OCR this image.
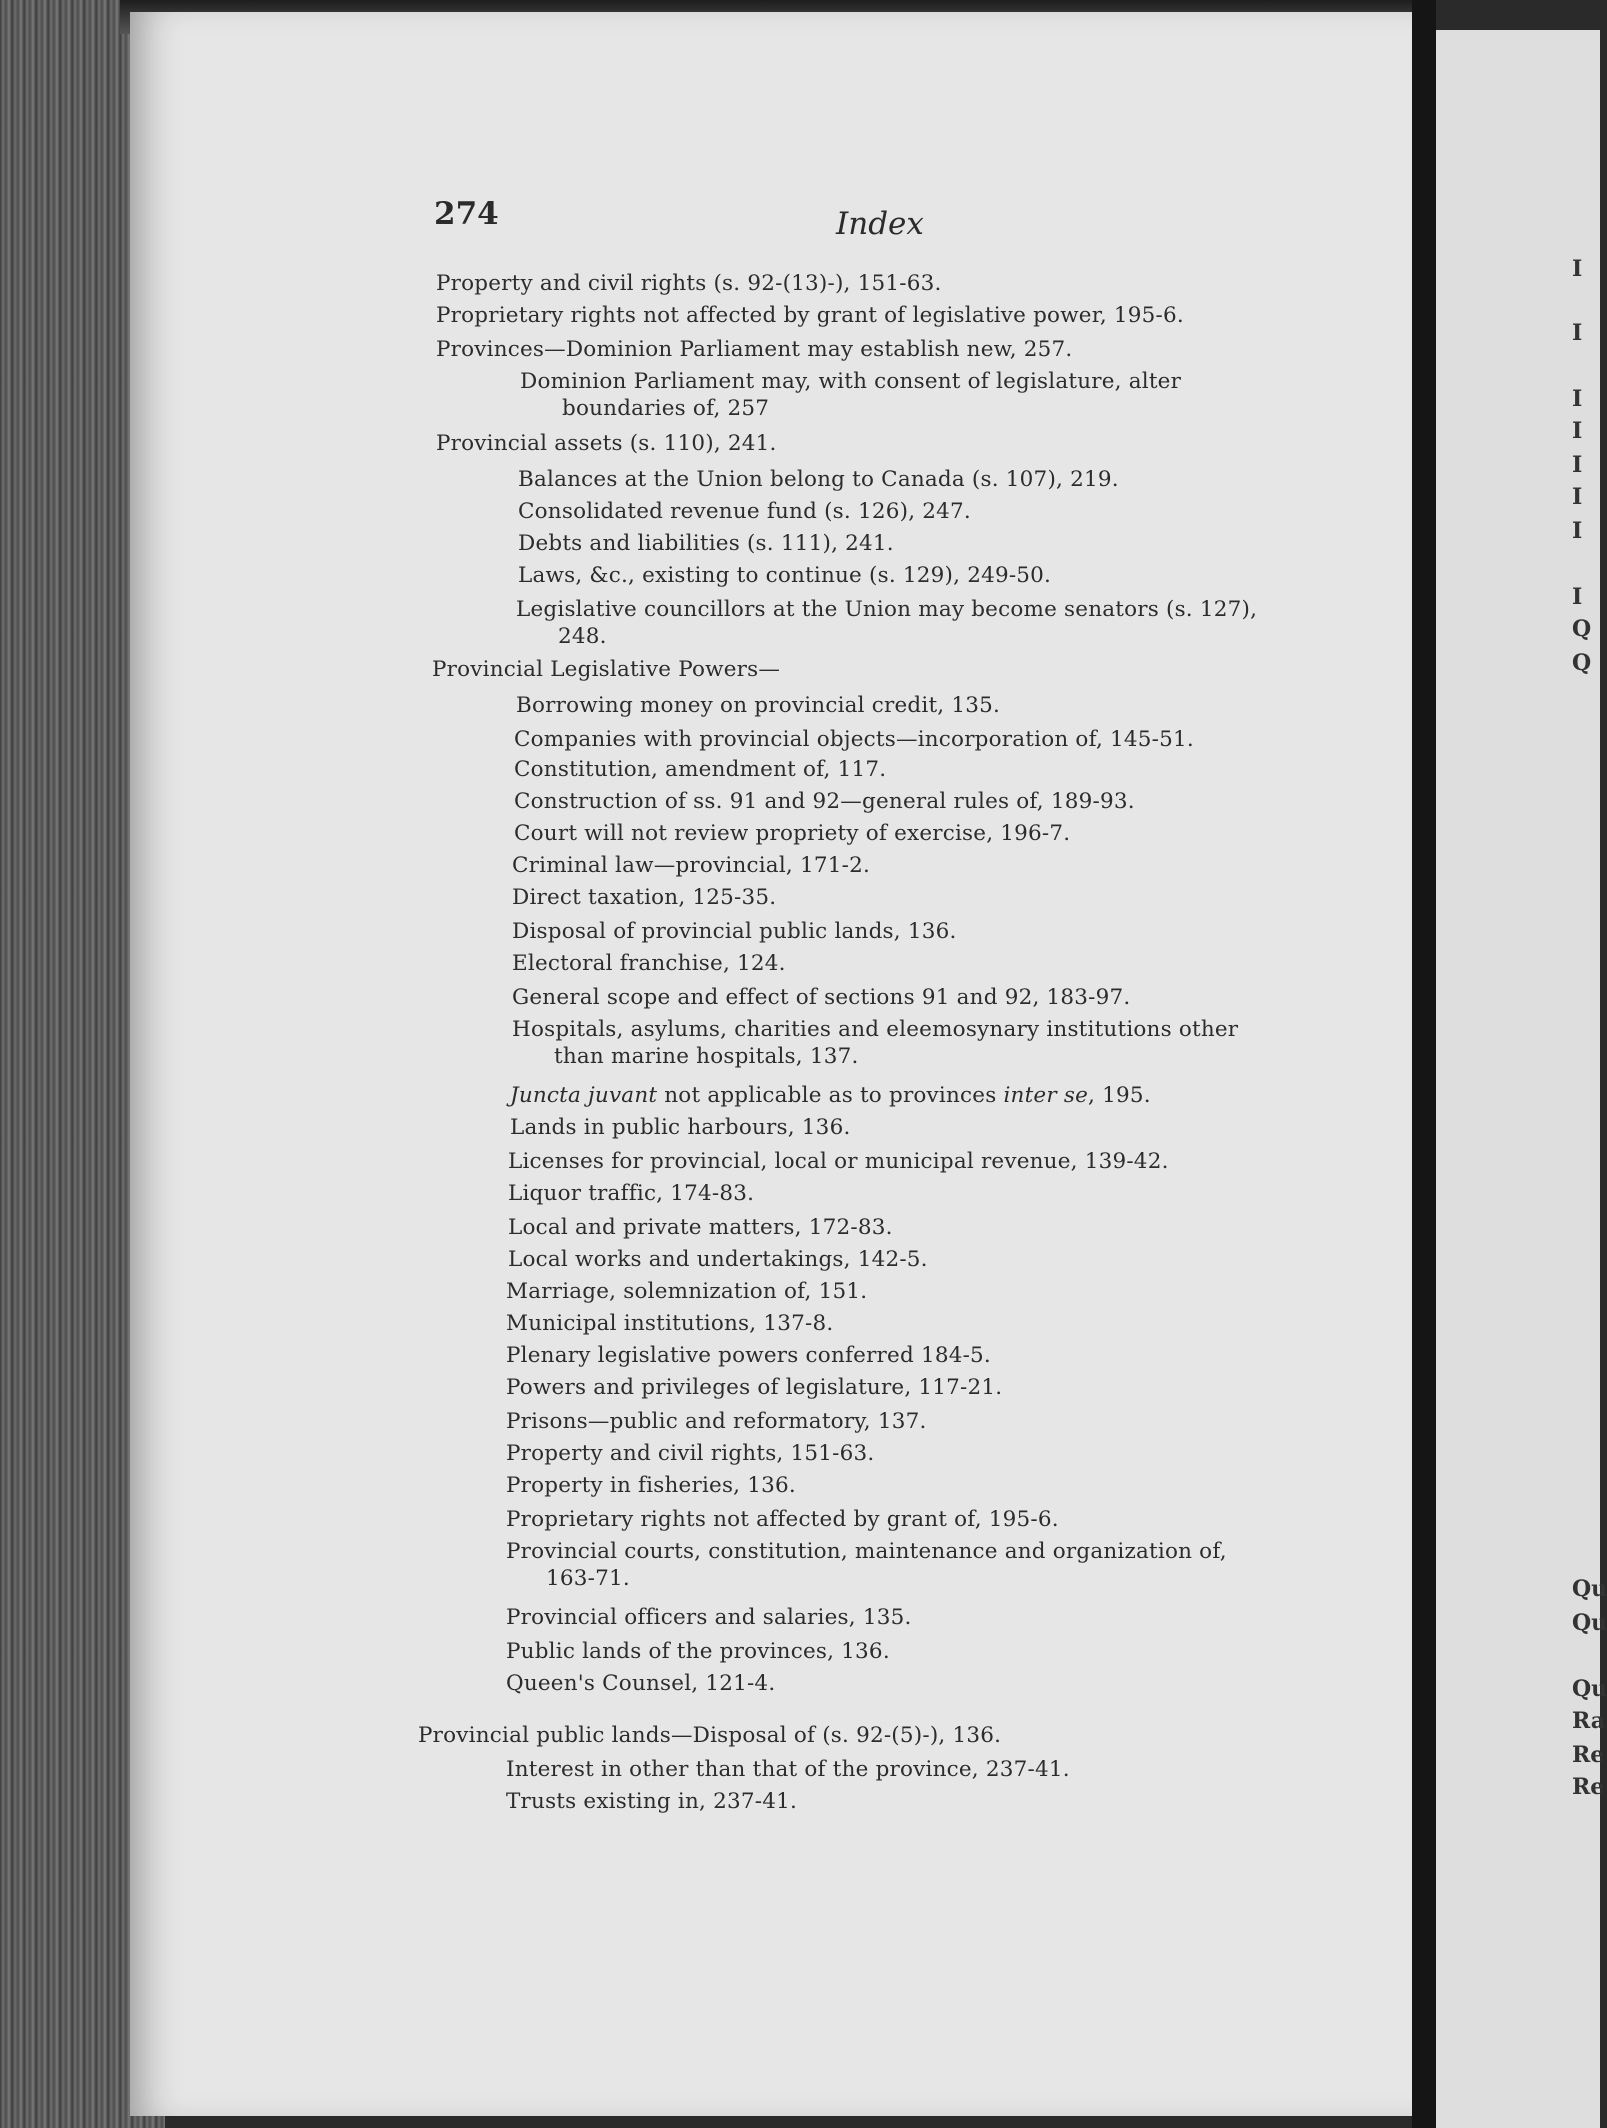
I
I
I
I
I
I
I
I
Q
Q
Qu
Qu
Qu
Ra
Re
Re
274	Index
Property and civil rights (s. 92-(13)-), 151-63.
Proprietary rights not affected by grant of legislative power, 195-6.
Provinces—Dominion Parliament may establish new, 257.
Dominion Parliament may, with consent of legislature, alter
boundaries of, 257
Provincial assets (s. 110), 241.
Balances at the Union belong to Canada (s. 107), 219.
Consolidated revenue fund (s. 126), 247.
Debts and liabilities (s. 111), 241.
Laws, &c., existing to continue (s. 129), 249-50.
Legislative councillors at the Union may become senators (s. 127),
248.
Provincial Legislative Powers—
Borrowing money on provincial credit, 135.
Companies with provincial objects—incorporation of, 145-51.
Constitution, amendment of, 117.
Construction of ss. 91 and 92—general rules of, 189-93.
Court will not review propriety of exercise, 196-7.
Criminal law—provincial, 171-2.
Direct taxation, 125-35.
Disposal of provincial public lands, 136.
Electoral franchise, 124.
General scope and effect of sections 91 and 92, 183-97.
Hospitals, asylums, charities and eleemosynary institutions other
than marine hospitals, 137.
Juncta juvant not applicable as to provinces inter se, 195.
Lands in public harbours, 136.
Licenses for provincial, local or municipal revenue, 139-42.
Liquor traffic, 174-83.
Local and private matters, 172-83.
Local works and undertakings, 142-5.
Marriage, solemnization of, 151.
Municipal institutions, 137-8.
Plenary legislative powers conferred 184-5.
Powers and privileges of legislature, 117-21.
Prisons—public and reformatory, 137.
Property and civil rights, 151-63.
Property in fisheries, 136.
Proprietary rights not affected by grant of, 195-6.
Provincial courts, constitution, maintenance and organization of,
163-71.
Provincial officers and salaries, 135.
Public lands of the provinces, 136.
Queen's Counsel, 121-4.
Provincial public lands—Disposal of (s. 92-(5)-), 136.
Interest in other than that of the province, 237-41.
Trusts existing in, 237-41.
